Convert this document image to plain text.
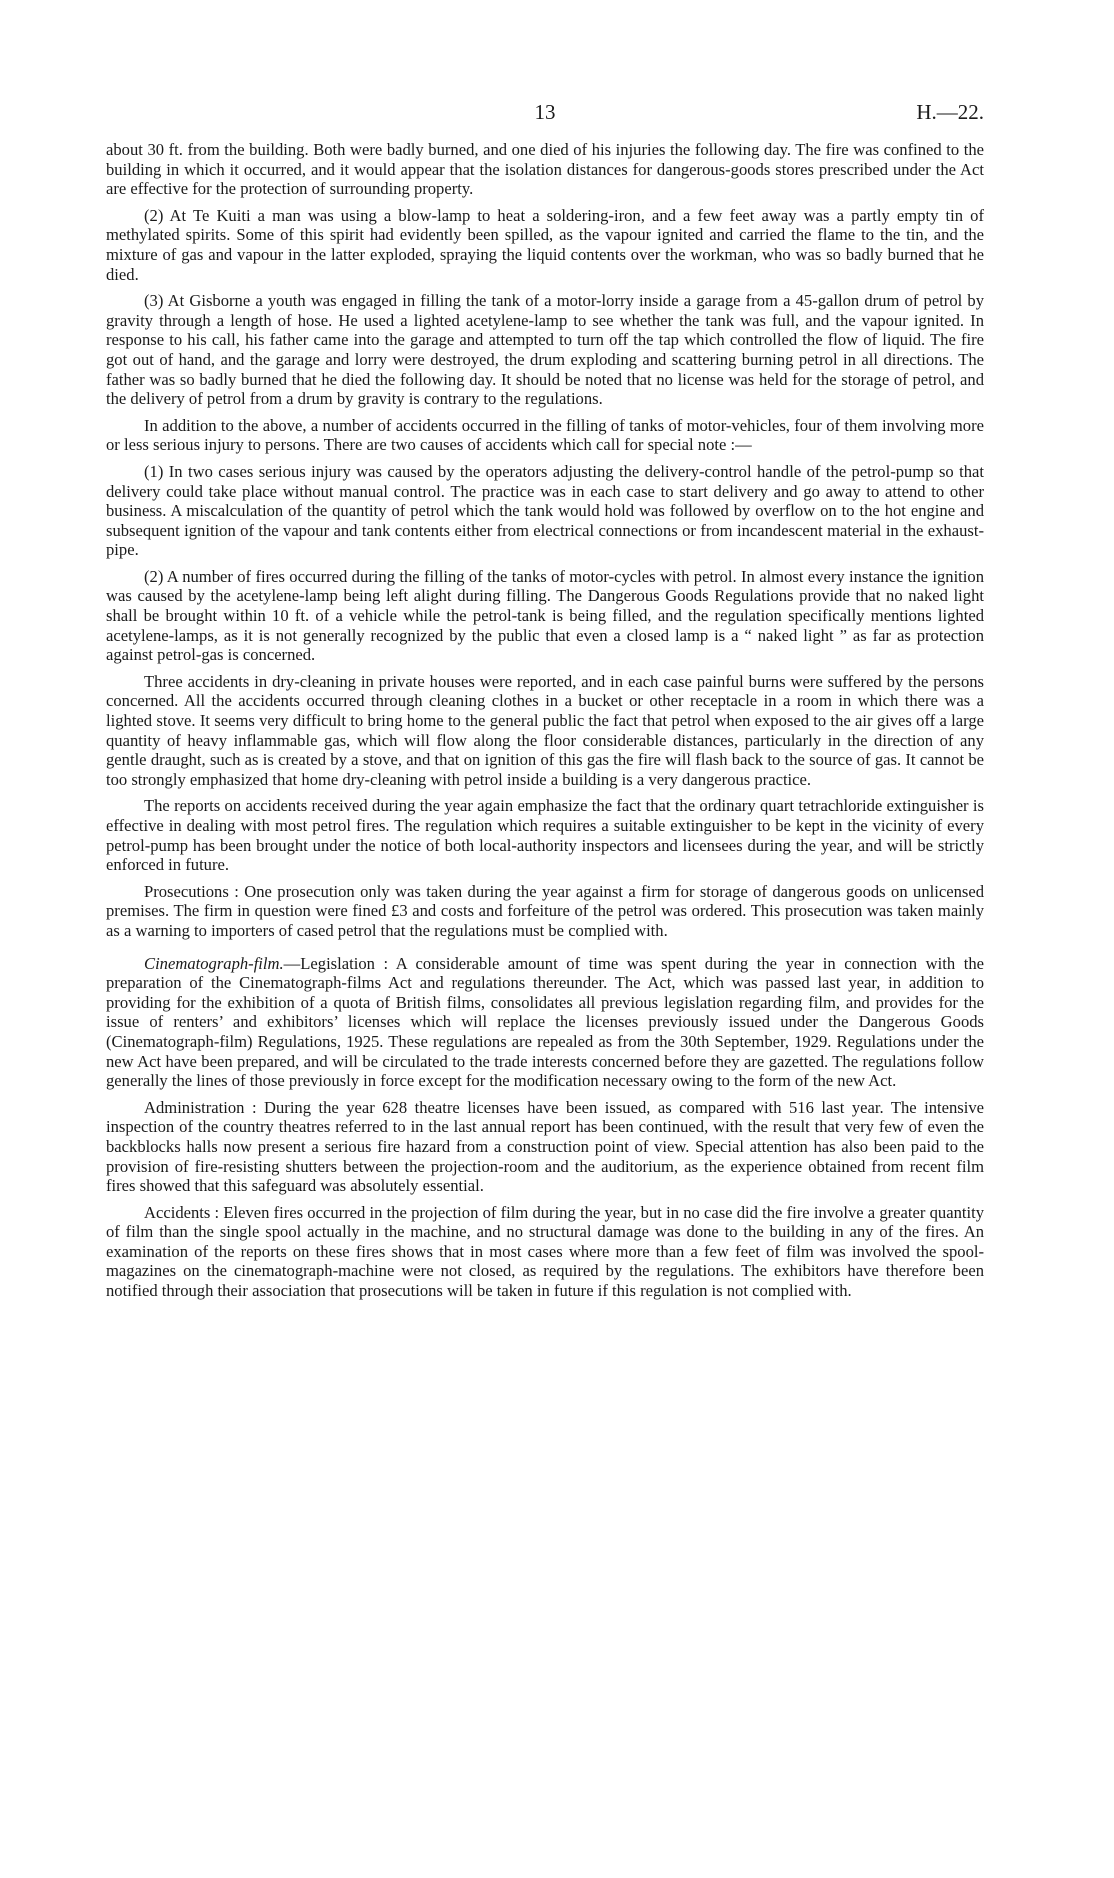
13	H.—22.

about 30 ft. from the building. Both were badly burned, and one died of his injuries the following day. The fire was confined to the building in which it occurred, and it would appear that the isolation distances for dangerous-goods stores prescribed under the Act are effective for the protection of surrounding property.

(2) At Te Kuiti a man was using a blow-lamp to heat a soldering-iron, and a few feet away was a partly empty tin of methylated spirits. Some of this spirit had evidently been spilled, as the vapour ignited and carried the flame to the tin, and the mixture of gas and vapour in the latter exploded, spraying the liquid contents over the workman, who was so badly burned that he died.

(3) At Gisborne a youth was engaged in filling the tank of a motor-lorry inside a garage from a 45-gallon drum of petrol by gravity through a length of hose. He used a lighted acetylene-lamp to see whether the tank was full, and the vapour ignited. In response to his call, his father came into the garage and attempted to turn off the tap which controlled the flow of liquid. The fire got out of hand, and the garage and lorry were destroyed, the drum exploding and scattering burning petrol in all directions. The father was so badly burned that he died the following day. It should be noted that no license was held for the storage of petrol, and the delivery of petrol from a drum by gravity is contrary to the regulations.

In addition to the above, a number of accidents occurred in the filling of tanks of motor-vehicles, four of them involving more or less serious injury to persons. There are two causes of accidents which call for special note :—

(1) In two cases serious injury was caused by the operators adjusting the delivery-control handle of the petrol-pump so that delivery could take place without manual control. The practice was in each case to start delivery and go away to attend to other business. A miscalculation of the quantity of petrol which the tank would hold was followed by overflow on to the hot engine and subsequent ignition of the vapour and tank contents either from electrical connections or from incandescent material in the exhaust-pipe.

(2) A number of fires occurred during the filling of the tanks of motor-cycles with petrol. In almost every instance the ignition was caused by the acetylene-lamp being left alight during filling. The Dangerous Goods Regulations provide that no naked light shall be brought within 10 ft. of a vehicle while the petrol-tank is being filled, and the regulation specifically mentions lighted acetylene-lamps, as it is not generally recognized by the public that even a closed lamp is a “ naked light ” as far as protection against petrol-gas is concerned.

Three accidents in dry-cleaning in private houses were reported, and in each case painful burns were suffered by the persons concerned. All the accidents occurred through cleaning clothes in a bucket or other receptacle in a room in which there was a lighted stove. It seems very difficult to bring home to the general public the fact that petrol when exposed to the air gives off a large quantity of heavy inflammable gas, which will flow along the floor considerable distances, particularly in the direction of any gentle draught, such as is created by a stove, and that on ignition of this gas the fire will flash back to the source of gas. It cannot be too strongly emphasized that home dry-cleaning with petrol inside a building is a very dangerous practice.

The reports on accidents received during the year again emphasize the fact that the ordinary quart tetrachloride extinguisher is effective in dealing with most petrol fires. The regulation which requires a suitable extinguisher to be kept in the vicinity of every petrol-pump has been brought under the notice of both local-authority inspectors and licensees during the year, and will be strictly enforced in future.

Prosecutions : One prosecution only was taken during the year against a firm for storage of dangerous goods on unlicensed premises. The firm in question were fined £3 and costs and forfeiture of the petrol was ordered. This prosecution was taken mainly as a warning to importers of cased petrol that the regulations must be complied with.

Cinematograph-film.—Legislation : A considerable amount of time was spent during the year in connection with the preparation of the Cinematograph-films Act and regulations thereunder. The Act, which was passed last year, in addition to providing for the exhibition of a quota of British films, consolidates all previous legislation regarding film, and provides for the issue of renters’ and exhibitors’ licenses which will replace the licenses previously issued under the Dangerous Goods (Cinematograph-film) Regulations, 1925. These regulations are repealed as from the 30th September, 1929. Regulations under the new Act have been prepared, and will be circulated to the trade interests concerned before they are gazetted. The regulations follow generally the lines of those previously in force except for the modification necessary owing to the form of the new Act.

Administration : During the year 628 theatre licenses have been issued, as compared with 516 last year. The intensive inspection of the country theatres referred to in the last annual report has been continued, with the result that very few of even the backblocks halls now present a serious fire hazard from a construction point of view. Special attention has also been paid to the provision of fire-resisting shutters between the projection-room and the auditorium, as the experience obtained from recent film fires showed that this safeguard was absolutely essential.

Accidents : Eleven fires occurred in the projection of film during the year, but in no case did the fire involve a greater quantity of film than the single spool actually in the machine, and no structural damage was done to the building in any of the fires. An examination of the reports on these fires shows that in most cases where more than a few feet of film was involved the spool-magazines on the cinematograph-machine were not closed, as required by the regulations. The exhibitors have therefore been notified through their association that prosecutions will be taken in future if this regulation is not complied with.
